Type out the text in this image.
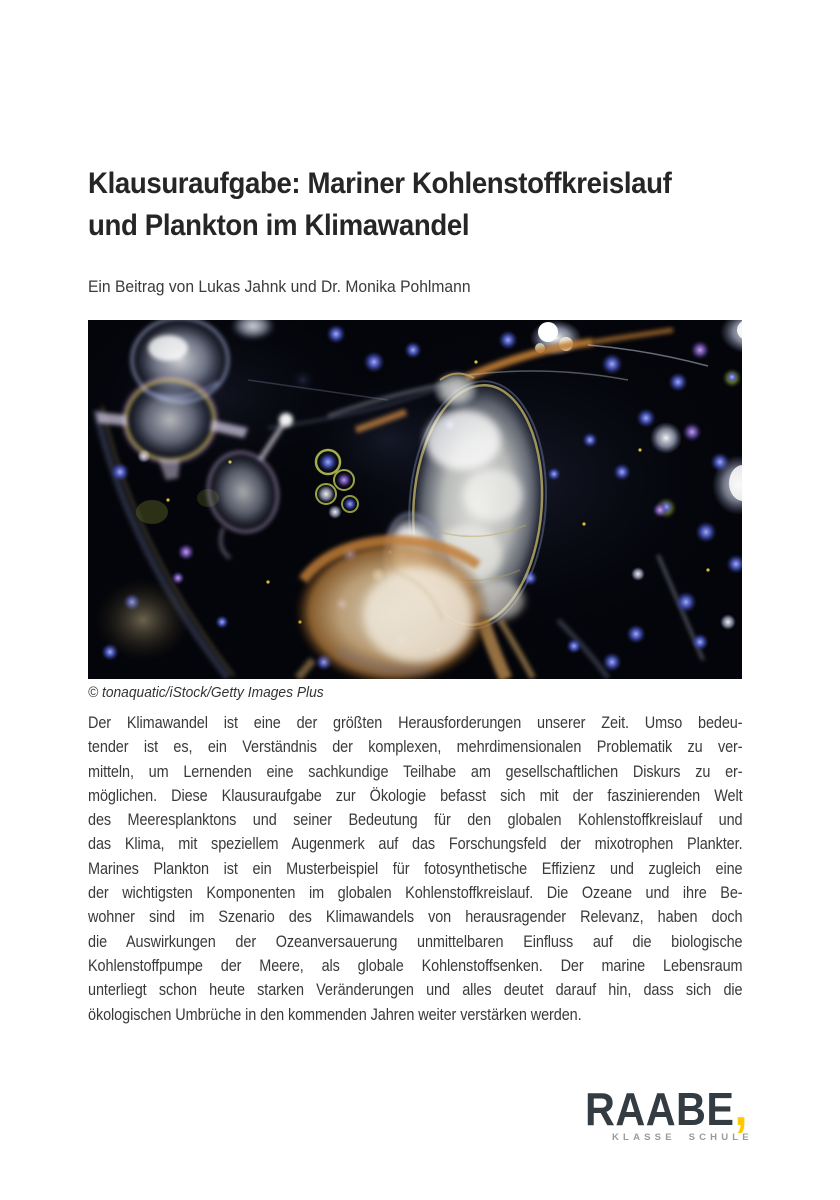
Klausuraufgabe: Mariner Kohlenstoffkreislauf
und Plankton im Klimawandel
Ein Beitrag von Lukas Jahnk und Dr. Monika Pohlmann
© tonaquatic/iStock/Getty Images Plus
Der Klimawandel ist eine der größten Herausforderungen unserer Zeit. Umso bedeu-
tender ist es, ein Verständnis der komplexen, mehrdimensionalen Problematik zu ver-
mitteln, um Lernenden eine sachkundige Teilhabe am gesellschaftlichen Diskurs zu er-
möglichen. Diese Klausuraufgabe zur Ökologie befasst sich mit der faszinierenden Welt
des Meeresplanktons und seiner Bedeutung für den globalen Kohlenstoffkreislauf und
das Klima, mit speziellem Augenmerk auf das Forschungsfeld der mixotrophen Plankter.
Marines Plankton ist ein Musterbeispiel für fotosynthetische Effizienz und zugleich eine
der wichtigsten Komponenten im globalen Kohlenstoffkreislauf. Die Ozeane und ihre Be-
wohner sind im Szenario des Klimawandels von herausragender Relevanz, haben doch
die Auswirkungen der Ozeanversauerung unmittelbaren Einfluss auf die biologische
Kohlenstoffpumpe der Meere, als globale Kohlenstoffsenken. Der marine Lebensraum
unterliegt schon heute starken Veränderungen und alles deutet darauf hin, dass sich die
ökologischen Umbrüche in den kommenden Jahren weiter verstärken werden.
RAABE,
KLASSE SCHULE
